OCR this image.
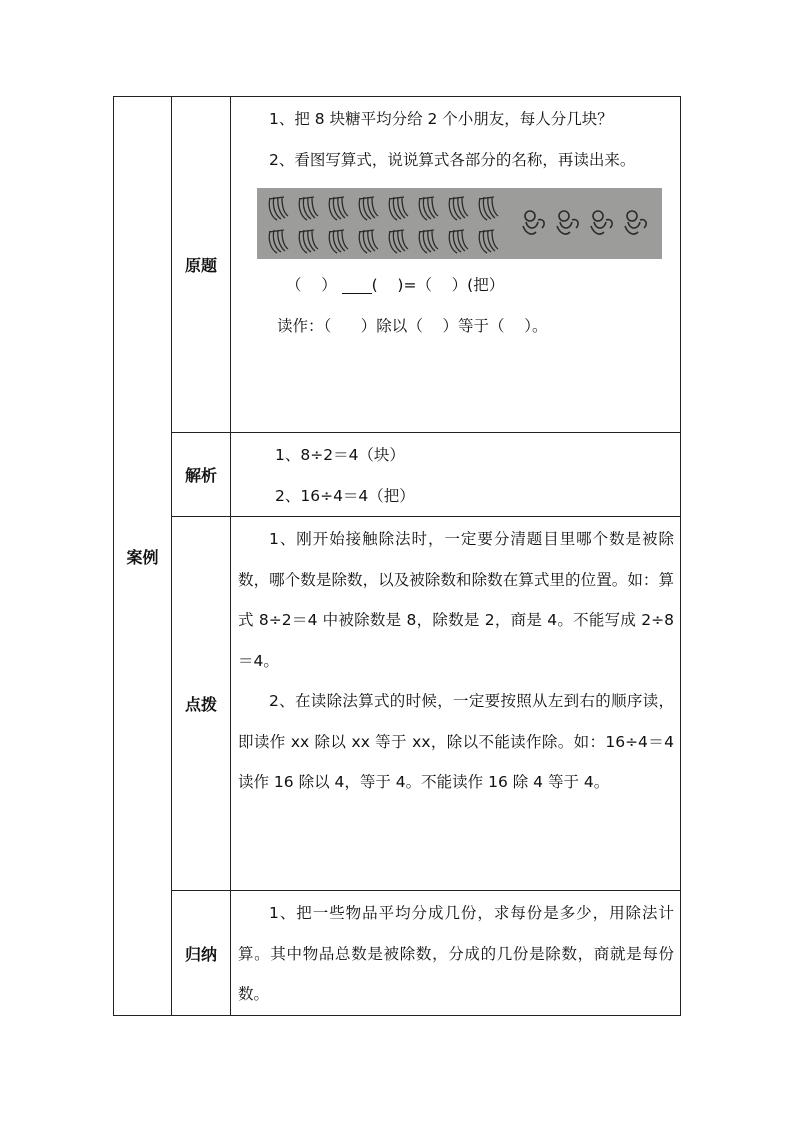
案例	原题	1、把 8 块糖平均分给 2 个小朋友，每人分几块？

2、看图写算式，说说算式各部分的名称，再读出来。

（    ） (    )=（    ）(把）

读作：（      ）除以（    ）等于（    ）。

	解析	1、8÷2＝4（块）

2、16÷4＝4（把）

	点拨	1、刚开始接触除法时，一定要分清题目里哪个数是被除数，哪个数是除数，以及被除数和除数在算式里的位置。如：算式 8÷2＝4 中被除数是 8，除数是 2，商是 4。不能写成 2÷8＝4。

2、在读除法算式的时候，一定要按照从左到右的顺序读，即读作 xx 除以 xx 等于 xx，除以不能读作除。如：16÷4＝4 读作 16 除以 4，等于 4。不能读作 16 除 4 等于 4。

	归纳	1、把一些物品平均分成几份，求每份是多少，用除法计算。其中物品总数是被除数，分成的几份是除数，商就是每份数。
